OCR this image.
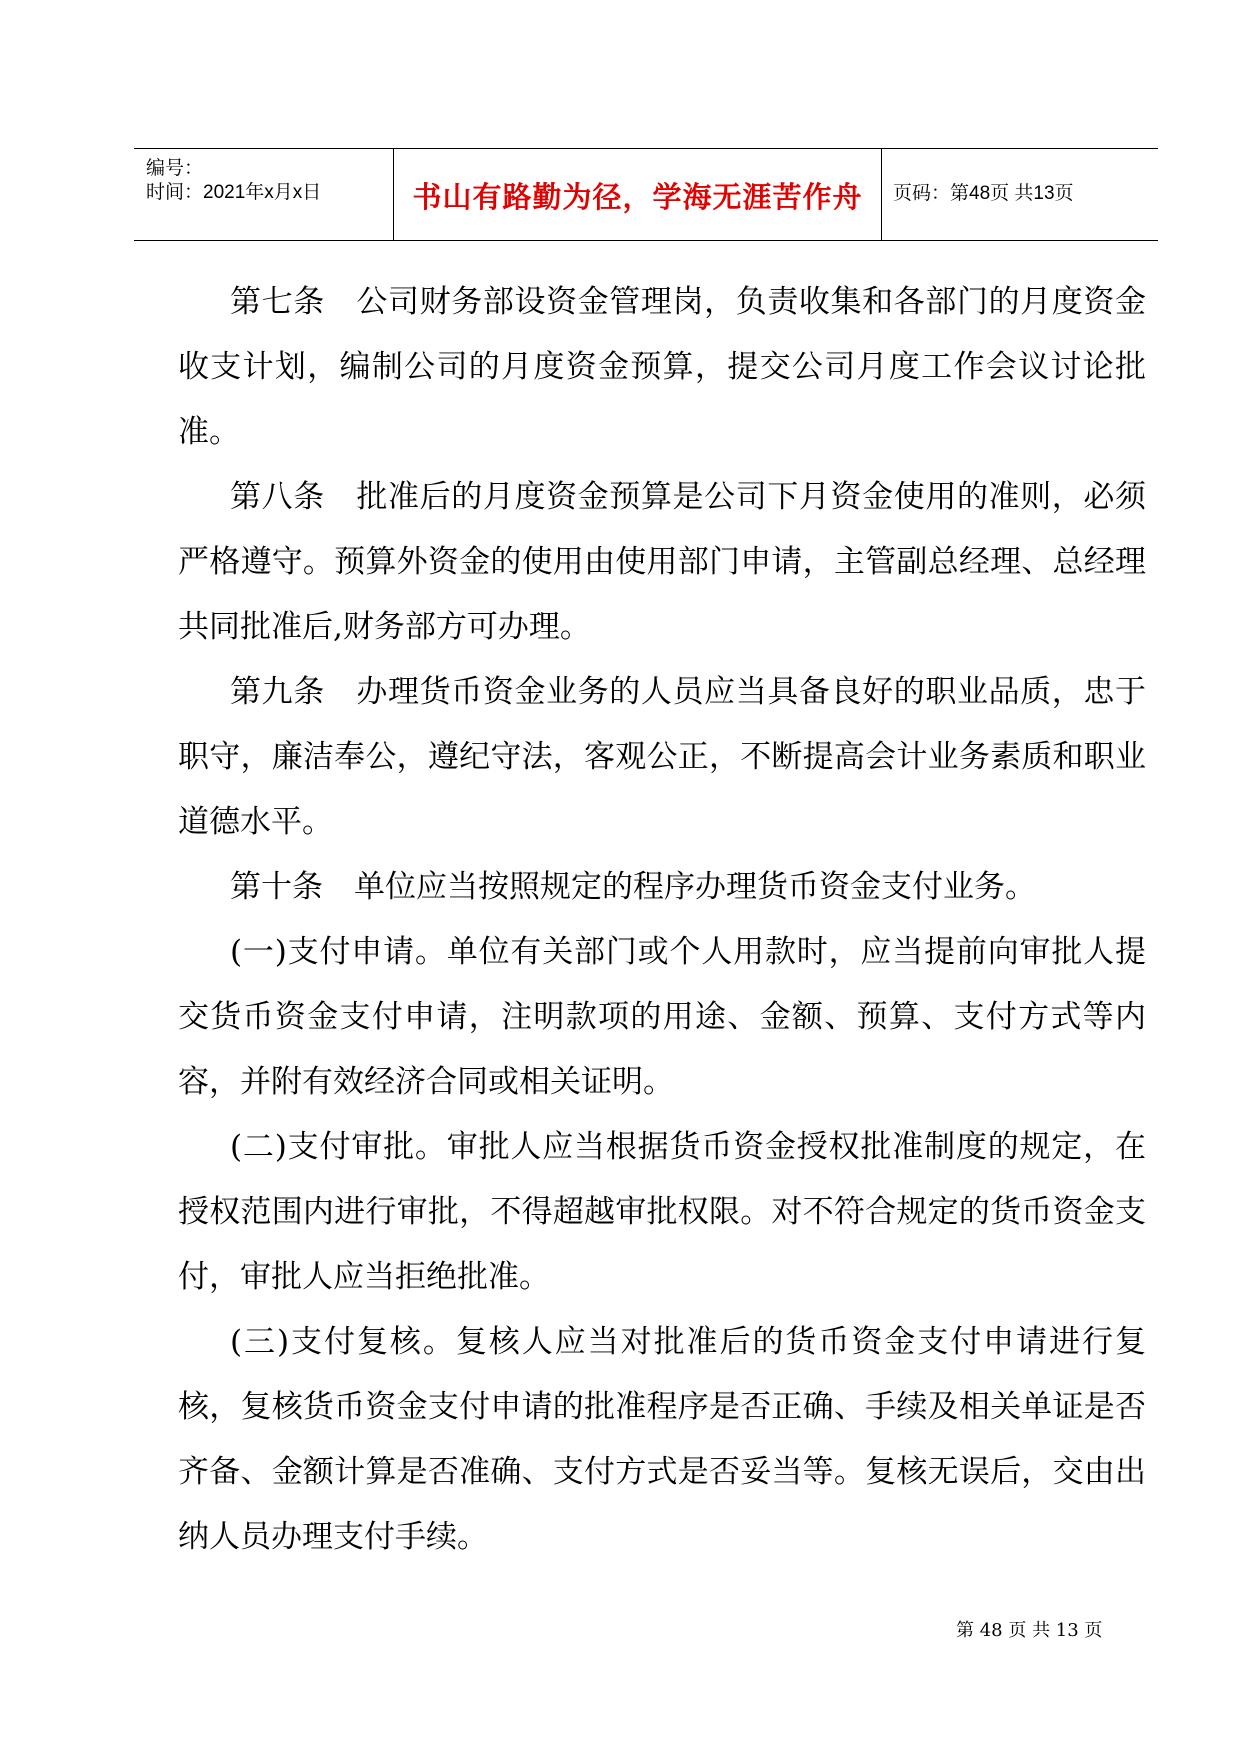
编号：
时间：2021年x月x日	书山有路勤为径，学海无涯苦作舟	页码：第48页 共13页

第七条　公司财务部设资金管理岗，负责收集和各部门的月度资金收支计划，编制公司的月度资金预算，提交公司月度工作会议讨论批准。

第八条　批准后的月度资金预算是公司下月资金使用的准则，必须严格遵守。预算外资金的使用由使用部门申请，主管副总经理、总经理共同批准后,财务部方可办理。

第九条　办理货币资金业务的人员应当具备良好的职业品质，忠于职守，廉洁奉公，遵纪守法，客观公正，不断提高会计业务素质和职业道德水平。

第十条　单位应当按照规定的程序办理货币资金支付业务。

(一)支付申请。单位有关部门或个人用款时，应当提前向审批人提交货币资金支付申请，注明款项的用途、金额、预算、支付方式等内容，并附有效经济合同或相关证明。

(二)支付审批。审批人应当根据货币资金授权批准制度的规定，在授权范围内进行审批，不得超越审批权限。对不符合规定的货币资金支付，审批人应当拒绝批准。

(三)支付复核。复核人应当对批准后的货币资金支付申请进行复核，复核货币资金支付申请的批准程序是否正确、手续及相关单证是否齐备、金额计算是否准确、支付方式是否妥当等。复核无误后，交由出纳人员办理支付手续。

第 48 页 共 13 页
